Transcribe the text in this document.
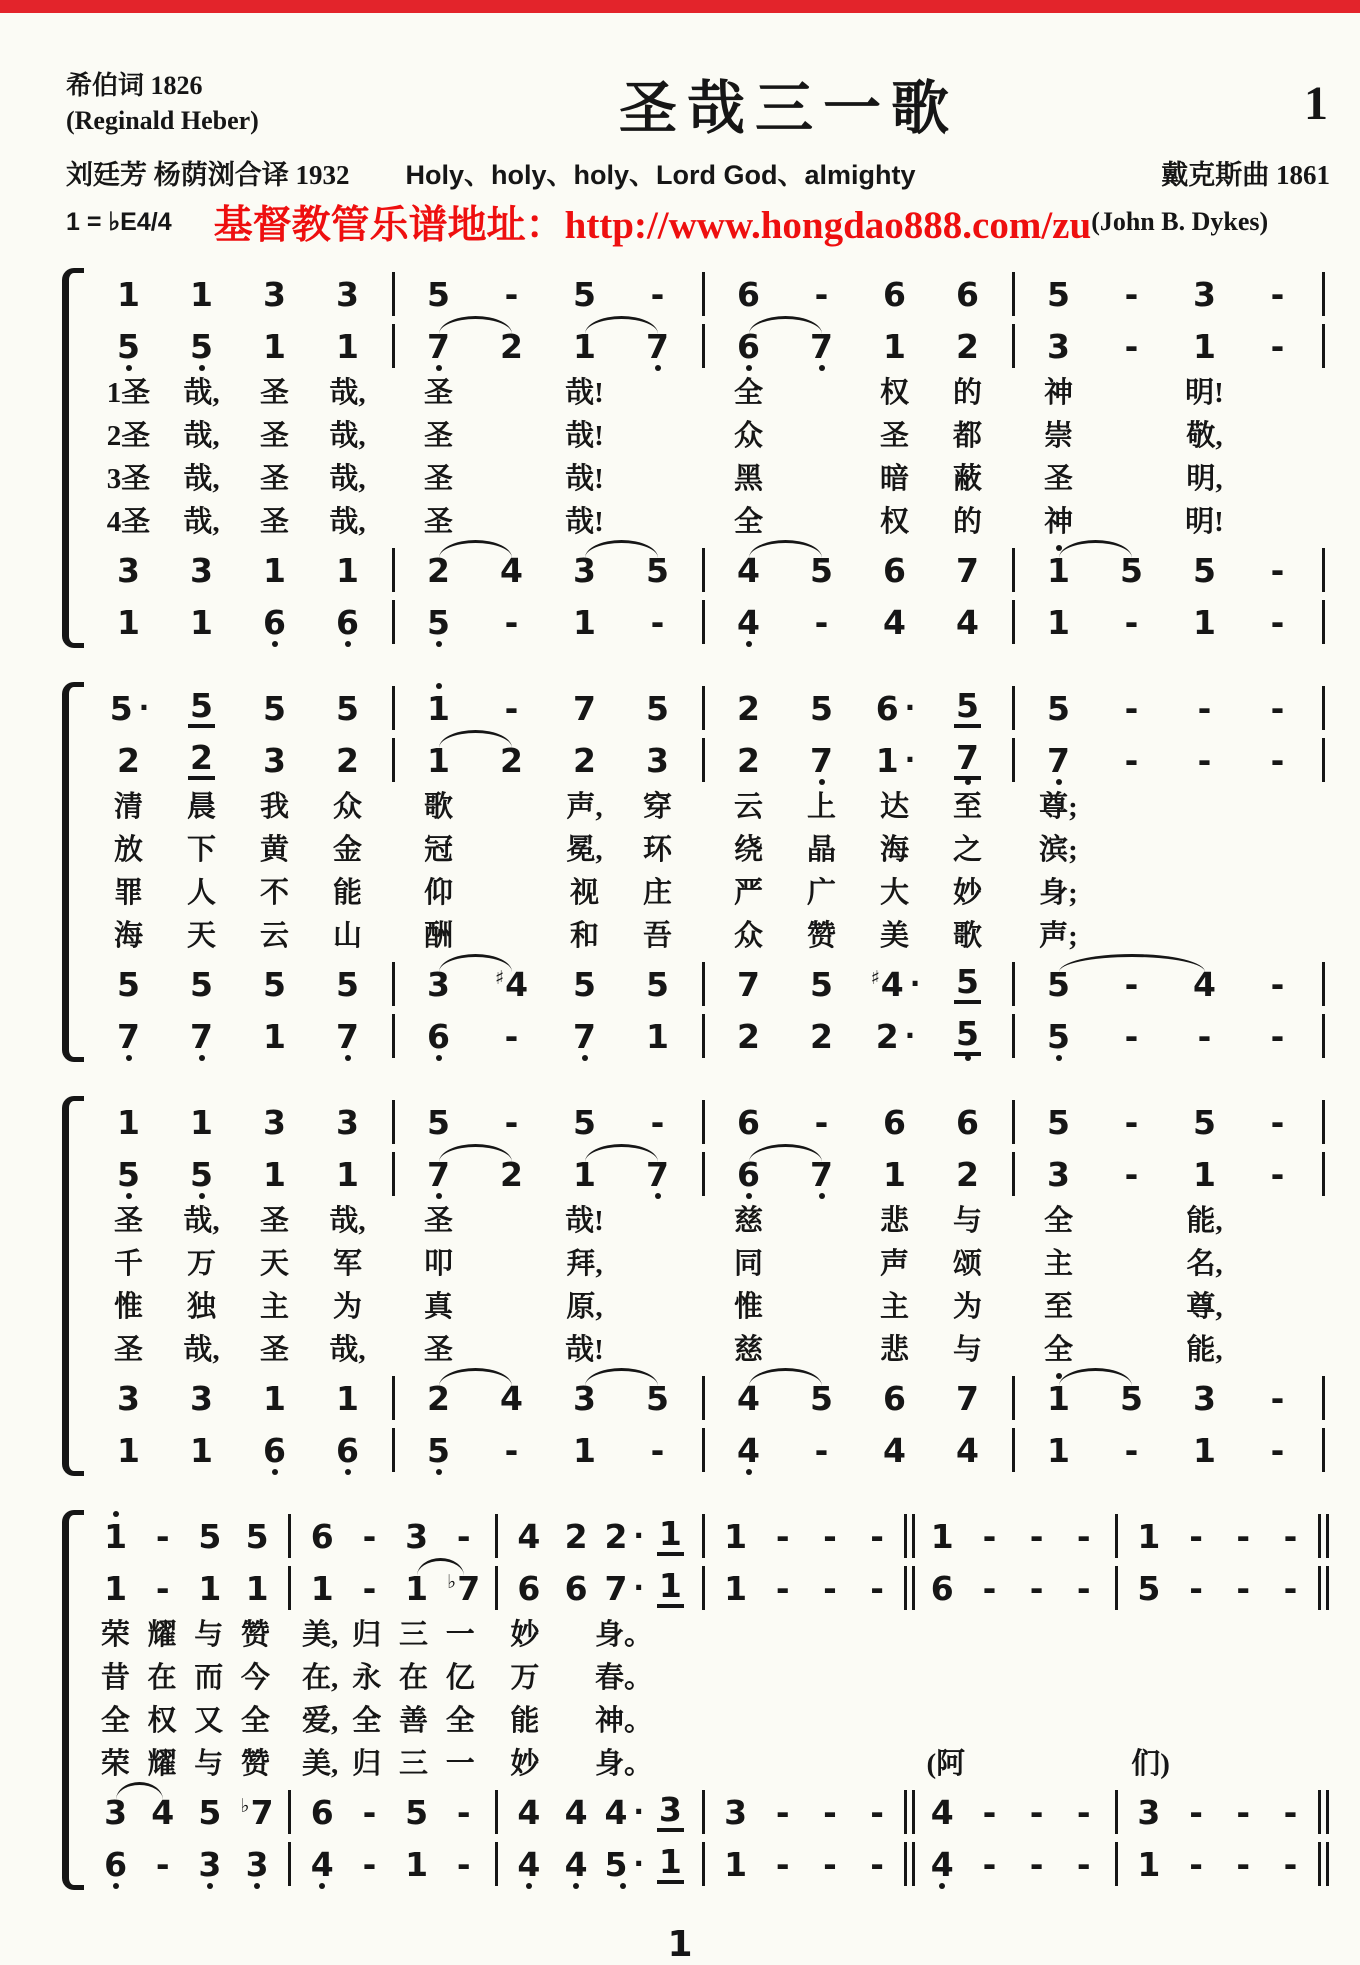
希伯词 1826
(Reginald Heber)	圣哉三一歌	1
刘廷芳 杨荫浏合译 1932 Holy、holy、holy、Lord God、almighty	戴克斯曲 1861
1 = ♭E4/4 基督教管乐谱地址：http://www.hongdao888.com/zu (John B. Dykes)
1 1 3 3 5 - 5 - 6 - 6 6 5 - 3 -
5 5 1 1 7 2 1 7 6 7 1 2 3 - 1 -
1圣	哉,	圣	哉,	圣	哉!	全	权	的	神	明!
2圣	哉,	圣	哉,	圣	哉!	众	圣	都	崇	敬,
3圣	哉,	圣	哉,	圣	哉!	黑	暗	蔽	圣	明,
4圣	哉,	圣	哉,	圣	哉!	全	权	的	神	明!
3 3 1 1 2 4 3 5 4 5 6 7 1 5 5 -
1 1 6 6 5 - 1 - 4 - 4 4 1 - 1 -
5 · 5 5 5 1 - 7 5 2 5 6 · 5 5 - - -
2 2 3 2 1 2 2 3 2 7 1 · 7 7 - - -
清	晨	我	众	歌	声,	穿	云	上	达	至	尊;
放	下	黄	金	冠	冕,	环	绕	晶	海	之	滨;
罪	人	不	能	仰	视	庄	严	广	大	妙	身;
海	天	云	山	酬	和	吾	众	赞	美	歌	声;
5 5 5 5 3 ♯4 5 5 7 5 ♯4 · 5 5 - 4 -
7 7 1 7 6 - 7 1 2 2 2 · 5 5 - - -
1 1 3 3 5 - 5 - 6 - 6 6 5 - 5 -
5 5 1 1 7 2 1 7 6 7 1 2 3 - 1 -
圣	哉,	圣	哉,	圣	哉!	慈	悲	与	全	能,
千	万	天	军	叩	拜,	同	声	颂	主	名,
惟	独	主	为	真	原,	惟	主	为	至	尊,
圣	哉,	圣	哉,	圣	哉!	慈	悲	与	全	能,
3 3 1 1 2 4 3 5 4 5 6 7 1 5 3 -
1 1 6 6 5 - 1 - 4 - 4 4 1 - 1 -
1 - 5 5 6 - 3 - 4 2 2 · 1 1 - - - 1 - - - 1 - - -
1 - 1 1 1 - 1 ♭7 6 6 7 · 1 1 - - - 6 - - - 5 - - -
荣 耀 与 赞	美, 归 三 一	妙	身。
昔 在 而 今	在, 永 在 亿	万	春。
全 权 又 全	爱, 全 善 全	能	神。
荣 耀 与 赞	美, 归 三 一	妙	身。	(阿	们)
3 4 5 ♭7 6 - 5 - 4 4 4 · 3 3 - - - 4 - - - 3 - - -
6 - 3 3 4 - 1 - 4 4 5 · 1 1 - - - 4 - - - 1 - - -
1
